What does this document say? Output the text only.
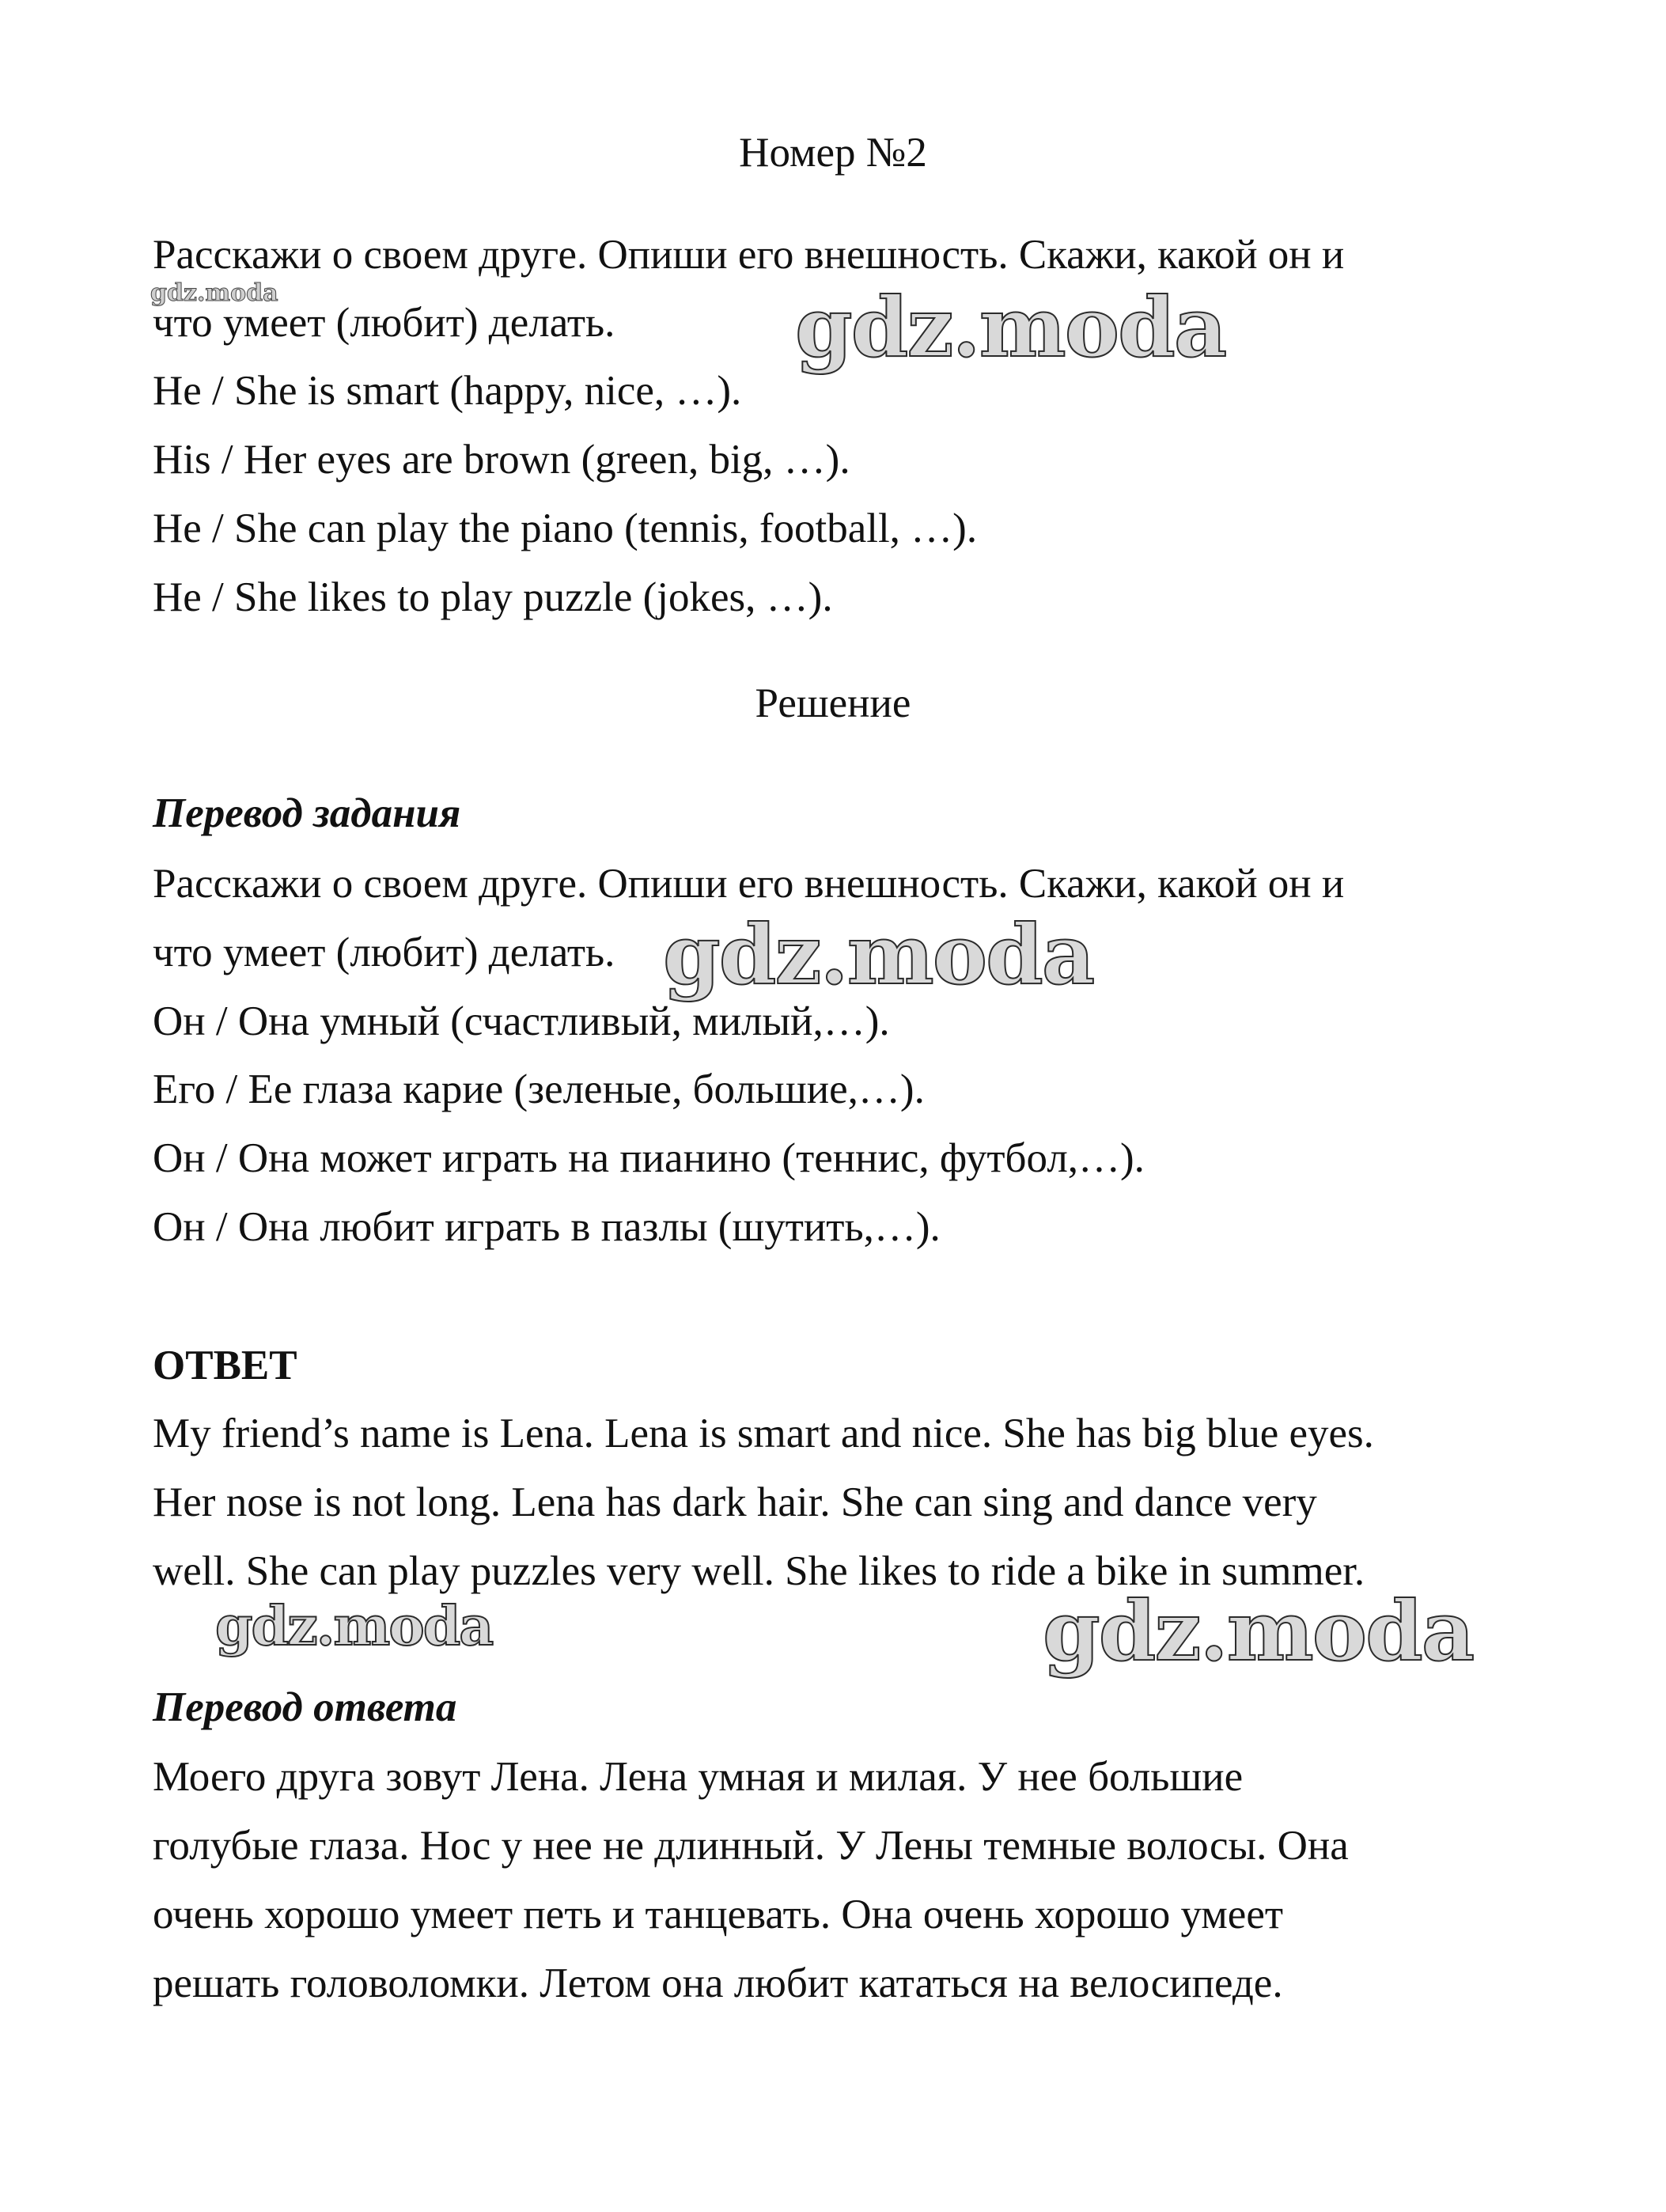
gdz.moda	gdz.moda
gdz.moda
gdz.moda	gdz.moda
Номер №2
Расскажи о своем друге. Опиши его внешность. Скажи, какой он и
что умеет (любит) делать.
He / She is smart (happy, nice, …).
His / Her eyes are brown (green, big, …).
He / She can play the piano (tennis, football, …).
He / She likes to play puzzle (jokes, …).
Решение
Перевод задания
Расскажи о своем друге. Опиши его внешность. Скажи, какой он и
что умеет (любит) делать.
Он / Она умный (счастливый, милый,…).
Его / Ее глаза карие (зеленые, большие,…).
Он / Она может играть на пианино (теннис, футбол,…).
Он / Она любит играть в пазлы (шутить,…).
ОТВЕТ
My friend’s name is Lena. Lena is smart and nice. She has big blue eyes.
Her nose is not long. Lena has dark hair. She can sing and dance very
well. She can play puzzles very well. She likes to ride a bike in summer.
Перевод ответа
Моего друга зовут Лена. Лена умная и милая. У нее большие
голубые глаза. Нос у нее не длинный. У Лены темные волосы. Она
очень хорошо умеет петь и танцевать. Она очень хорошо умеет
решать головоломки. Летом она любит кататься на велосипеде.
